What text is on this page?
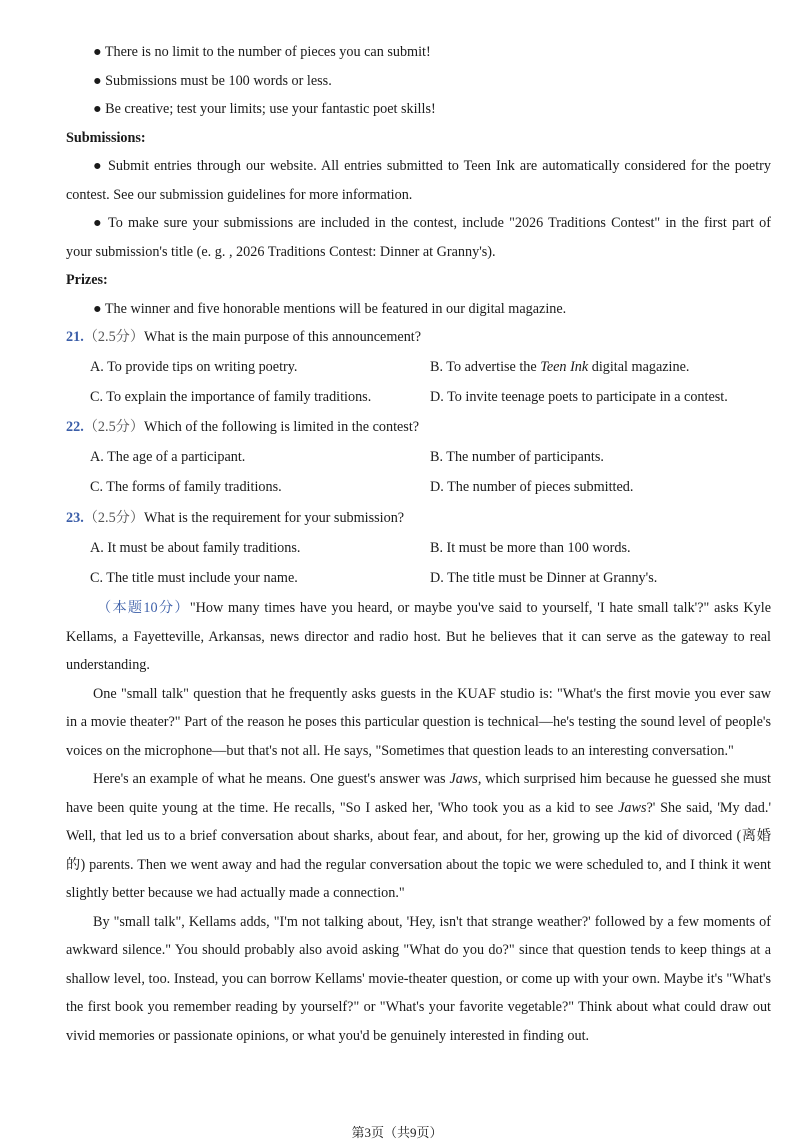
● There is no limit to the number of pieces you can submit!
● Submissions must be 100 words or less.
● Be creative; test your limits; use your fantastic poet skills!
Submissions:
● Submit entries through our website. All entries submitted to Teen Ink are automatically considered for the poetry
contest. See our submission guidelines for more information.
● To make sure your submissions are included in the contest, include "2026 Traditions Contest" in the first part of
your submission's title (e. g. , 2026 Traditions Contest: Dinner at Granny's).
Prizes:
● The winner and five honorable mentions will be featured in our digital magazine.
21.（2.5分）What is the main purpose of this announcement?
A. To provide tips on writing poetry.	B. To advertise the Teen Ink digital magazine.
C. To explain the importance of family traditions.	D. To invite teenage poets to participate in a contest.
22.（2.5分）Which of the following is limited in the contest?
A. The age of a participant.	B. The number of participants.
C. The forms of family traditions.	D. The number of pieces submitted.
23.（2.5分）What is the requirement for your submission?
A. It must be about family traditions.	B. It must be more than 100 words.
C. The title must include your name.	D. The title must be Dinner at Granny's.
（本题10分）"How many times have you heard, or maybe you've said to yourself, 'I hate small talk'?" asks Kyle
Kellams, a Fayetteville, Arkansas, news director and radio host. But he believes that it can serve as the gateway to real
understanding.
One "small talk" question that he frequently asks guests in the KUAF studio is: "What's the first movie you ever saw
in a movie theater?" Part of the reason he poses this particular question is technical—he's testing the sound level of people's
voices on the microphone—but that's not all. He says, "Sometimes that question leads to an interesting conversation."
Here's an example of what he means. One guest's answer was Jaws, which surprised him because he guessed she must
have been quite young at the time. He recalls, "So I asked her, 'Who took you as a kid to see Jaws?' She said, 'My dad.'
Well, that led us to a brief conversation about sharks, about fear, and about, for her, growing up the kid of divorced (离婚
的) parents. Then we went away and had the regular conversation about the topic we were scheduled to, and I think it went
slightly better because we had actually made a connection."
By "small talk", Kellams adds, "I'm not talking about, 'Hey, isn't that strange weather?' followed by a few moments of
awkward silence." You should probably also avoid asking "What do you do?" since that question tends to keep things at a
shallow level, too. Instead, you can borrow Kellams' movie-theater question, or come up with your own. Maybe it's "What's
the first book you remember reading by yourself?" or "What's your favorite vegetable?" Think about what could draw out
vivid memories or passionate opinions, or what you'd be genuinely interested in finding out.
第3页（共9页）
